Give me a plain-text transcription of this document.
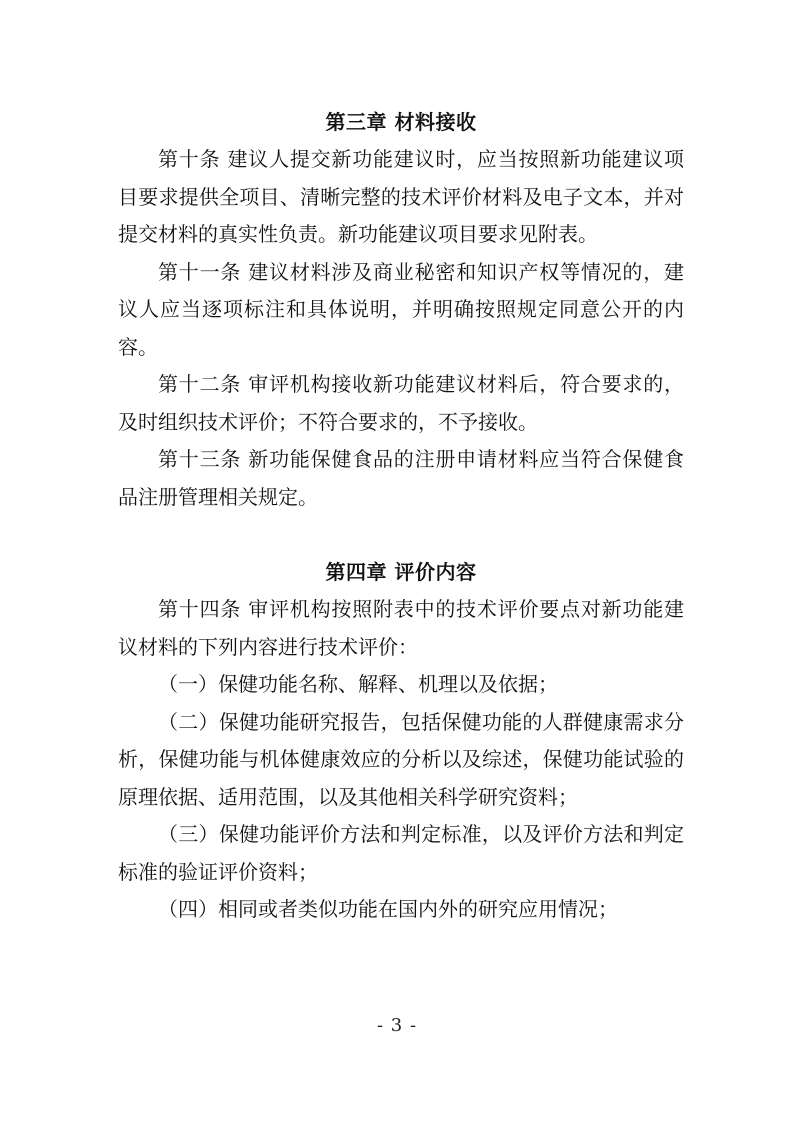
第三章 材料接收

第十条 建议人提交新功能建议时，应当按照新功能建议项目要求提供全项目、清晰完整的技术评价材料及电子文本，并对提交材料的真实性负责。新功能建议项目要求见附表。

第十一条 建议材料涉及商业秘密和知识产权等情况的，建议人应当逐项标注和具体说明，并明确按照规定同意公开的内容。

第十二条 审评机构接收新功能建议材料后，符合要求的，及时组织技术评价；不符合要求的，不予接收。

第十三条 新功能保健食品的注册申请材料应当符合保健食品注册管理相关规定。

第四章 评价内容

第十四条 审评机构按照附表中的技术评价要点对新功能建议材料的下列内容进行技术评价：

（一）保健功能名称、解释、机理以及依据；

（二）保健功能研究报告，包括保健功能的人群健康需求分析，保健功能与机体健康效应的分析以及综述，保健功能试验的原理依据、适用范围，以及其他相关科学研究资料；

（三）保健功能评价方法和判定标准，以及评价方法和判定标准的验证评价资料；

（四）相同或者类似功能在国内外的研究应用情况；

- 3 -
